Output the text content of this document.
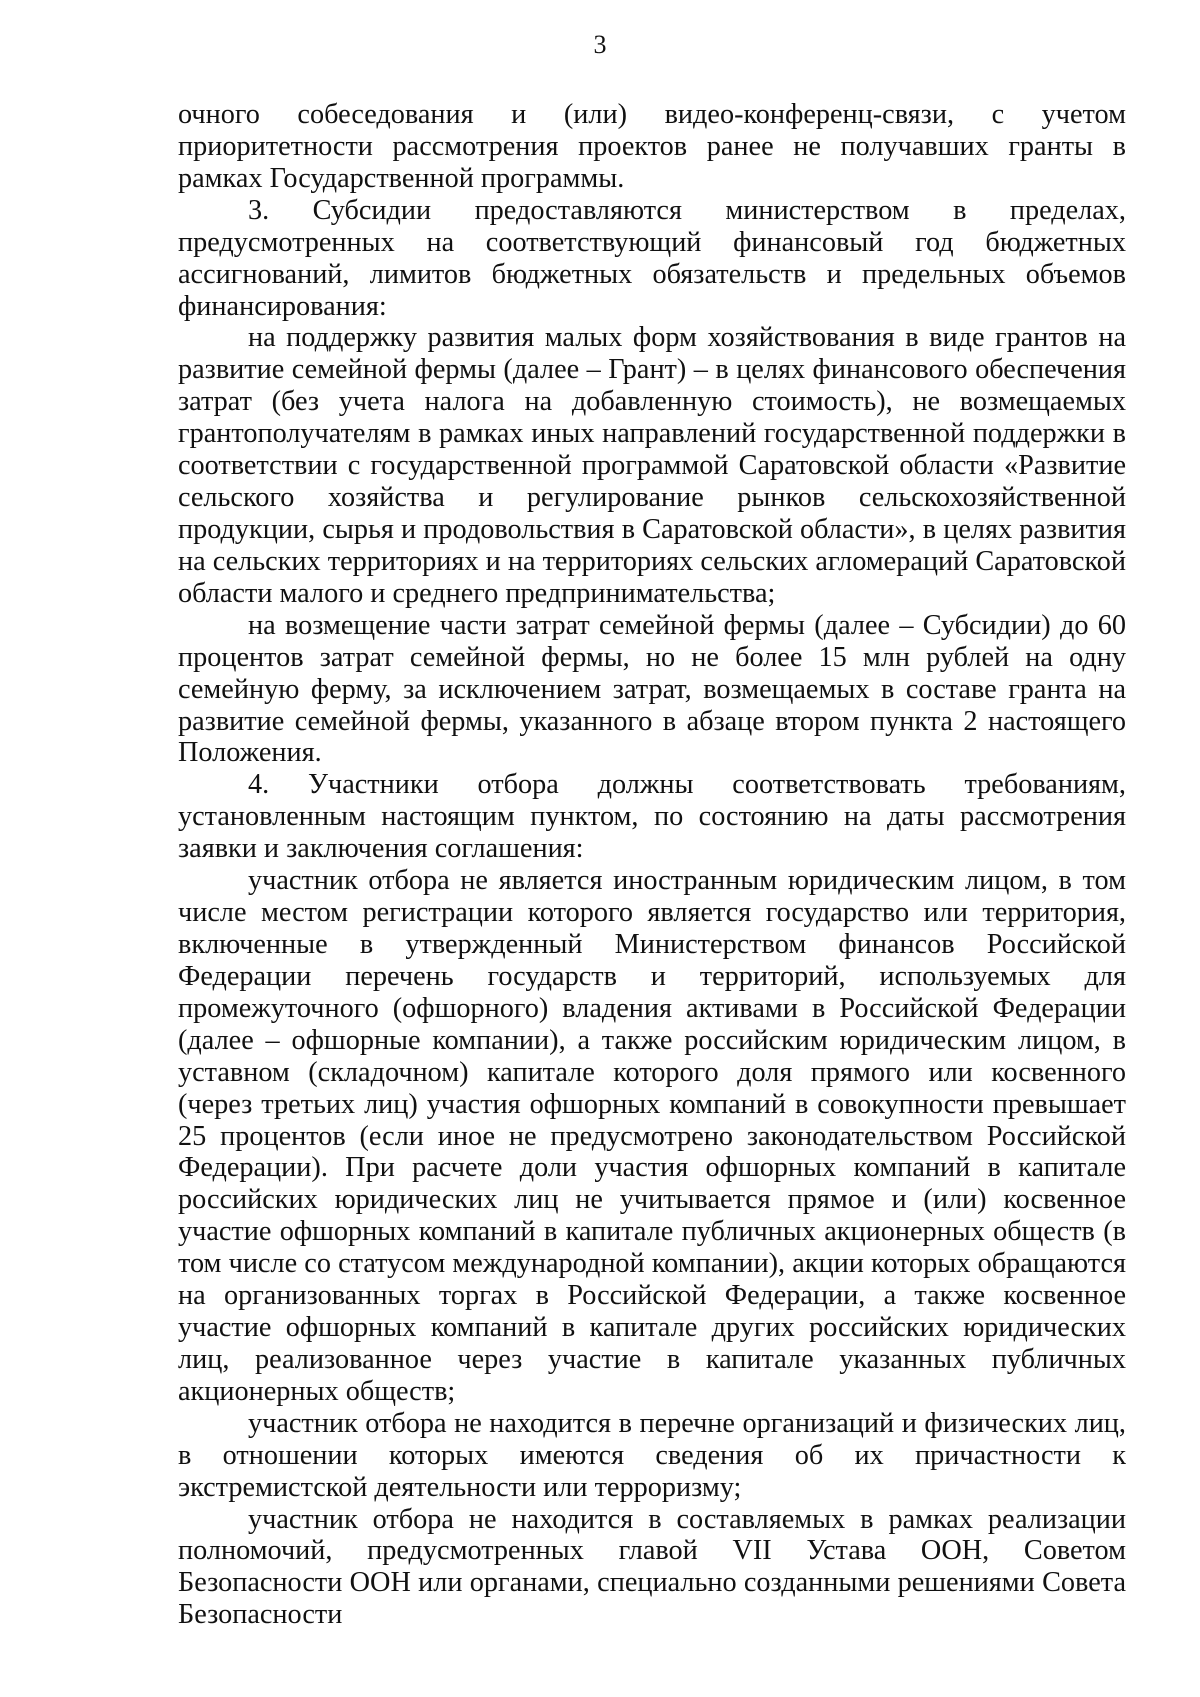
3

очного собеседования и (или) видео-конференц-связи, с учетом приоритетности рассмотрения проектов ранее не получавших гранты в рамках Государственной программы.

3. Субсидии предоставляются министерством в пределах, предусмотренных на соответствующий финансовый год бюджетных ассигнований, лимитов бюджетных обязательств и предельных объемов финансирования:

на поддержку развития малых форм хозяйствования в виде грантов на развитие семейной фермы (далее – Грант) – в целях финансового обеспечения затрат (без учета налога на добавленную стоимость), не возмещаемых грантополучателям в рамках иных направлений государственной поддержки в соответствии с государственной программой Саратовской области «Развитие сельского хозяйства и регулирование рынков сельскохозяйственной продукции, сырья и продовольствия в Саратовской области», в целях развития на сельских территориях и на территориях сельских агломераций Саратовской области малого и среднего предпринимательства;

на возмещение части затрат семейной фермы (далее – Субсидии) до 60 процентов затрат семейной фермы, но не более 15 млн рублей на одну семейную ферму, за исключением затрат, возмещаемых в составе гранта на развитие семейной фермы, указанного в абзаце втором пункта 2 настоящего Положения.

4. Участники отбора должны соответствовать требованиям, установленным настоящим пунктом, по состоянию на даты рассмотрения заявки и заключения соглашения:

участник отбора не является иностранным юридическим лицом, в том числе местом регистрации которого является государство или территория, включенные в утвержденный Министерством финансов Российской Федерации перечень государств и территорий, используемых для промежуточного (офшорного) владения активами в Российской Федерации (далее – офшорные компании), а также российским юридическим лицом, в уставном (складочном) капитале которого доля прямого или косвенного (через третьих лиц) участия офшорных компаний в совокупности превышает 25 процентов (если иное не предусмотрено законодательством Российской Федерации). При расчете доли участия офшорных компаний в капитале российских юридических лиц не учитывается прямое и (или) косвенное участие офшорных компаний в капитале публичных акционерных обществ (в том числе со статусом международной компании), акции которых обращаются на организованных торгах в Российской Федерации, а также косвенное участие офшорных компаний в капитале других российских юридических лиц, реализованное через участие в капитале указанных публичных акционерных обществ;

участник отбора не находится в перечне организаций и физических лиц, в отношении которых имеются сведения об их причастности к экстремистской деятельности или терроризму;

участник отбора не находится в составляемых в рамках реализации полномочий, предусмотренных главой VII Устава ООН, Советом Безопасности ООН или органами, специально созданными решениями Совета Безопасности
